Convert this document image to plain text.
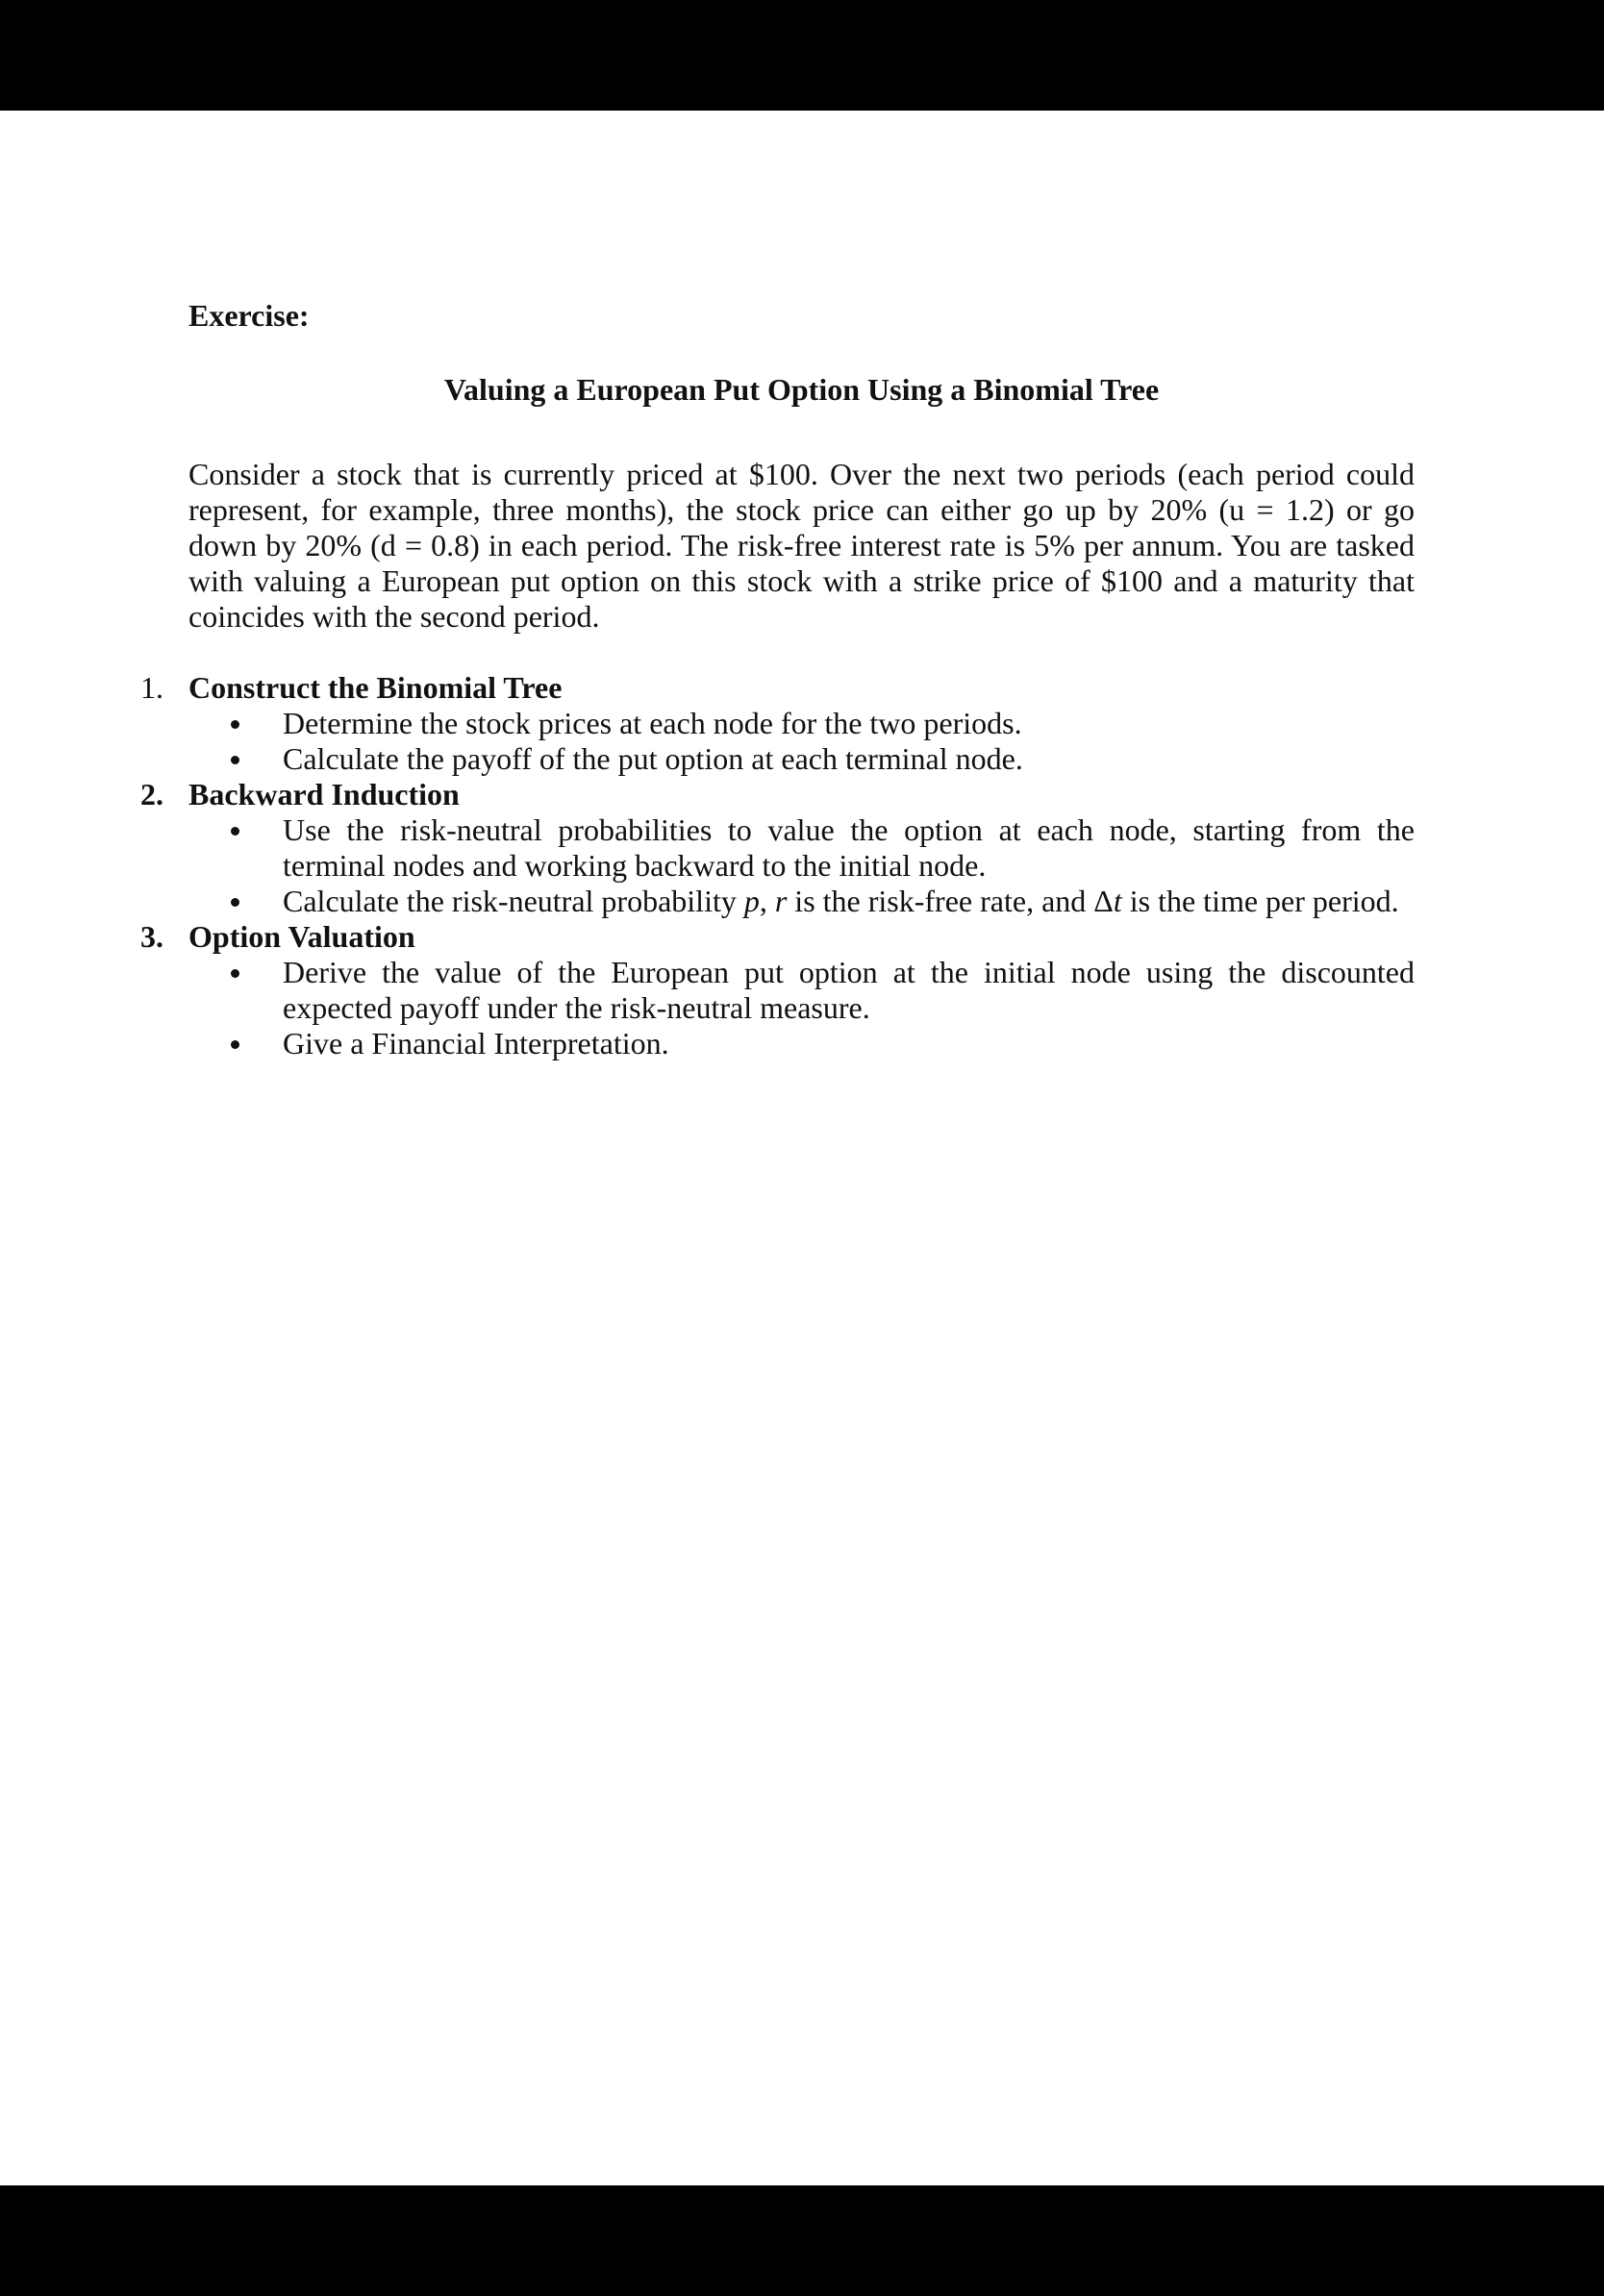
Exercise:

Valuing a European Put Option Using a Binomial Tree

Consider a stock that is currently priced at $100. Over the next two periods (each period could represent, for example, three months), the stock price can either go up by 20% (u = 1.2) or go down by 20% (d = 0.8) in each period. The risk-free interest rate is 5% per annum. You are tasked with valuing a European put option on this stock with a strike price of $100 and a maturity that coincides with the second period.

1. Construct the Binomial Tree
Determine the stock prices at each node for the two periods.
Calculate the payoff of the put option at each terminal node.
2. Backward Induction
Use the risk-neutral probabilities to value the option at each node, starting from the terminal nodes and working backward to the initial node.
Calculate the risk-neutral probability p, r is the risk-free rate, and Δt is the time per period.
3. Option Valuation
Derive the value of the European put option at the initial node using the discounted expected payoff under the risk-neutral measure.
Give a Financial Interpretation.
